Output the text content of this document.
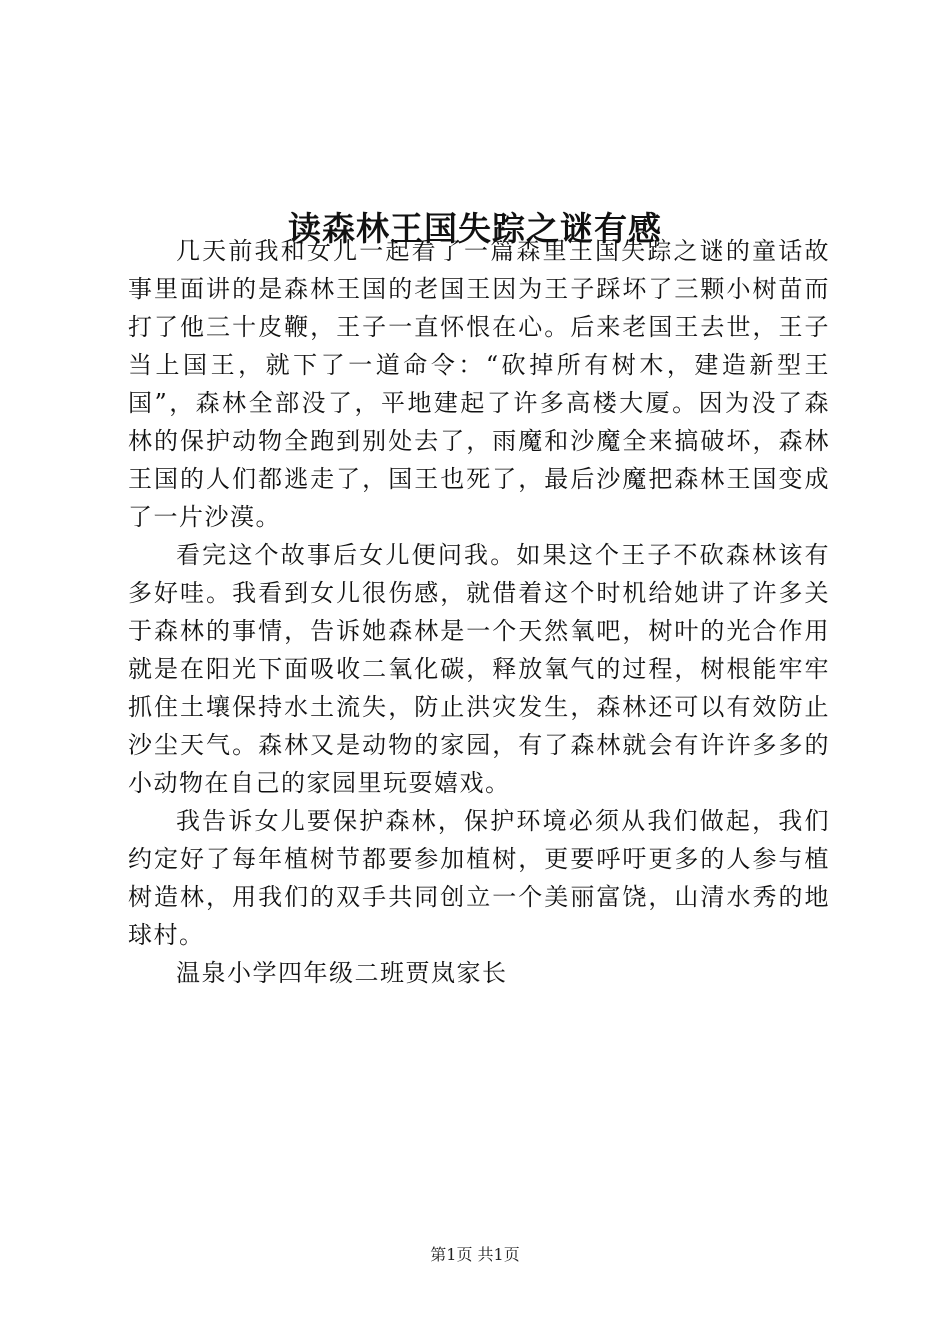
读森林王国失踪之谜有感

几天前我和女儿一起看了一篇森里王国失踪之谜的童话故事里面讲的是森林王国的老国王因为王子踩坏了三颗小树苗而打了他三十皮鞭，王子一直怀恨在心。后来老国王去世，王子当上国王，就下了一道命令：“砍掉所有树木，建造新型王国”，森林全部没了，平地建起了许多高楼大厦。因为没了森林的保护动物全跑到别处去了，雨魔和沙魔全来搞破坏，森林王国的人们都逃走了，国王也死了，最后沙魔把森林王国变成了一片沙漠。

看完这个故事后女儿便问我。如果这个王子不砍森林该有多好哇。我看到女儿很伤感，就借着这个时机给她讲了许多关于森林的事情，告诉她森林是一个天然氧吧，树叶的光合作用就是在阳光下面吸收二氧化碳，释放氧气的过程，树根能牢牢抓住土壤保持水土流失，防止洪灾发生，森林还可以有效防止沙尘天气。森林又是动物的家园，有了森林就会有许许多多的小动物在自己的家园里玩耍嬉戏。

我告诉女儿要保护森林，保护环境必须从我们做起，我们约定好了每年植树节都要参加植树，更要呼吁更多的人参与植树造林，用我们的双手共同创立一个美丽富饶，山清水秀的地球村。

温泉小学四年级二班贾岚家长

第1页 共1页
